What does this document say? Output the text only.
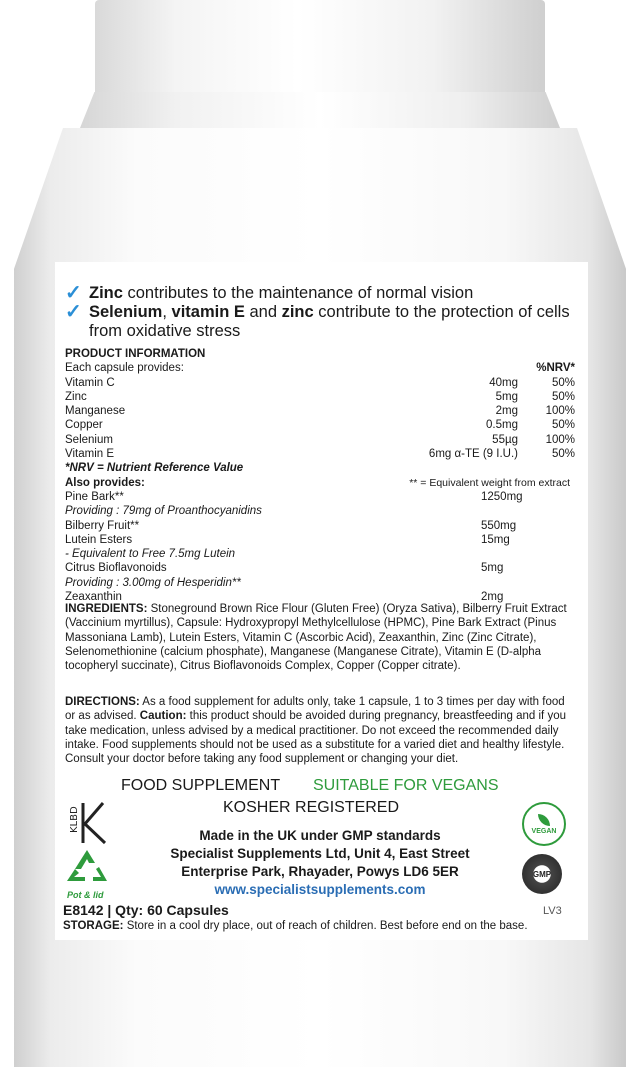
✓ Zinc contributes to the maintenance of normal vision
✓ Selenium, vitamin E and zinc contribute to the protection of cells from oxidative stress
PRODUCT INFORMATION
Each capsule provides:	%NRV*
Vitamin C	40mg	50%
Zinc	5mg	50%
Manganese	2mg 100%
Copper	0.5mg	50%
Selenium	55µg 100%
Vitamin E	6mg α-TE (9 I.U.)	50%
*NRV = Nutrient Reference Value
Also provides:	** = Equivalent weight from extract
Pine Bark**	1250mg
Providing : 79mg of Proanthocyanidins
Bilberry Fruit**	550mg
Lutein Esters	15mg
- Equivalent to Free 7.5mg Lutein
Citrus Bioflavonoids	5mg
Providing : 3.00mg of Hesperidin**
Zeaxanthin	2mg
INGREDIENTS: Stoneground Brown Rice Flour (Gluten Free) (Oryza Sativa), Bilberry Fruit Extract (Vaccinium myrtillus), Capsule: Hydroxypropyl Methylcellulose (HPMC), Pine Bark Extract (Pinus Massoniana Lamb), Lutein Esters, Vitamin C (Ascorbic Acid), Zeaxanthin, Zinc (Zinc Citrate), Selenomethionine (calcium phosphate), Manganese (Manganese Citrate), Vitamin E (D-alpha tocopheryl succinate), Citrus Bioflavonoids Complex, Copper (Copper citrate).
DIRECTIONS: As a food supplement for adults only, take 1 capsule, 1 to 3 times per day with food or as advised. Caution: this product should be avoided during pregnancy, breastfeeding and if you take medication, unless advised by a medical practitioner. Do not exceed the recommended daily intake. Food supplements should not be used as a substitute for a varied diet and healthy lifestyle. Consult your doctor before taking any food supplement or changing your diet.
KLBD
Pot & lid
FOOD SUPPLEMENT SUITABLE FOR VEGANS
KOSHER REGISTERED
Made in the UK under GMP standards
Specialist Supplements Ltd, Unit 4, East Street
Enterprise Park, Rhayader, Powys LD6 5ER
www.specialistsupplements.com
VEGAN
GMP
E8142 | Qty: 60 Capsules	LV3
STORAGE: Store in a cool dry place, out of reach of children. Best before end on the base.
